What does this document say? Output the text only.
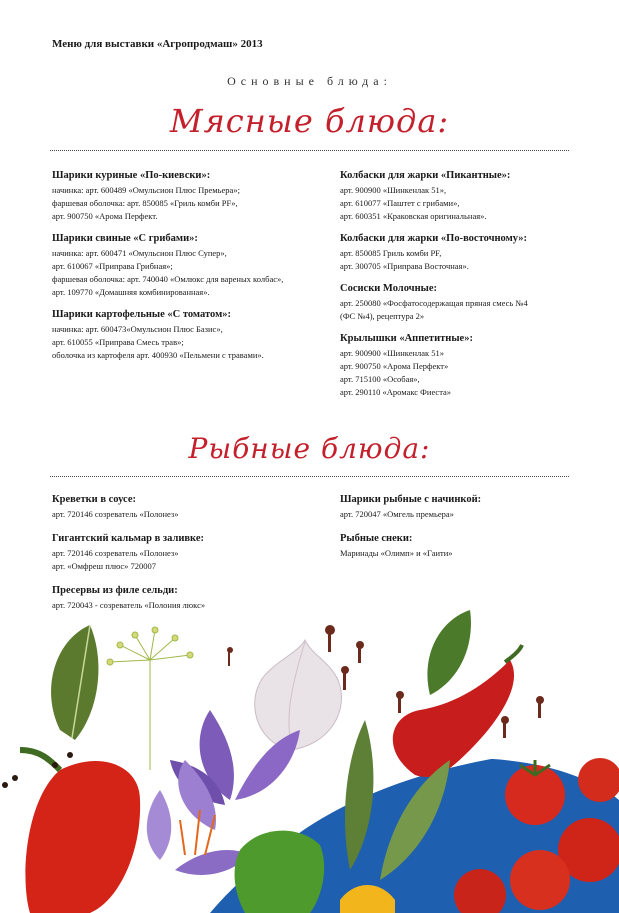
Меню для выставки «Агропродмаш» 2013
Основные блюда:
Мясные блюда:
Шарики куриные «По-киевски»:
начинка: арт. 600489 «Омульсион Плюс Премьера»;
фаршевая оболочка: арт. 850085 «Гриль комби PF»,
арт. 900750 «Арома Перфект.
Шарики свиные «С грибами»:
начинка: арт. 600471 «Омульсион Плюс Супер»,
арт. 610067 «Приправа Грибная»;
фаршевая оболочка: арт. 740040 «Омлюкс для вареных колбас»,
арт. 109770 «Домашняя комбинированная».
Шарики картофельные «С томатом»:
начинка: арт. 600473«Омульсион Плюс Базис»,
арт. 610055 «Приправа Смесь трав»;
оболочка из картофеля арт. 400930 «Пельмени с травами».
Колбаски для жарки «Пикантные»:
арт. 900900 «Шинкенлак 51»,
арт. 610077 «Паштет с грибами»,
арт. 600351 «Краковская оригинальная».
Колбаски для жарки «По-восточному»:
арт. 850085 Гриль комби PF,
арт. 300705 «Приправа Восточная».
Сосиски Молочные:
арт. 250080 «Фосфатосодержащая пряная смесь №4
(ФС №4), рецептура 2»
Крылышки «Аппетитные»:
арт. 900900 «Шинкенлак 51»
арт. 900750 «Арома Перфект»
арт. 715100 «Особая»,
арт. 290110 «Аромакс Фиеста»
Рыбные блюда:
Креветки в соусе:
арт. 720146 созреватель «Полонез»
Гигантский кальмар в заливке:
арт. 720146 созреватель «Полонез»
арт. «Омфреш плюс» 720007
Пресервы из филе сельди:
арт. 720043 - созреватель «Полония люкс»
Шарики рыбные с начинкой:
арт. 720047 «Омгель премьера»
Рыбные снеки:
Маринады «Олимп» и «Гаити»
